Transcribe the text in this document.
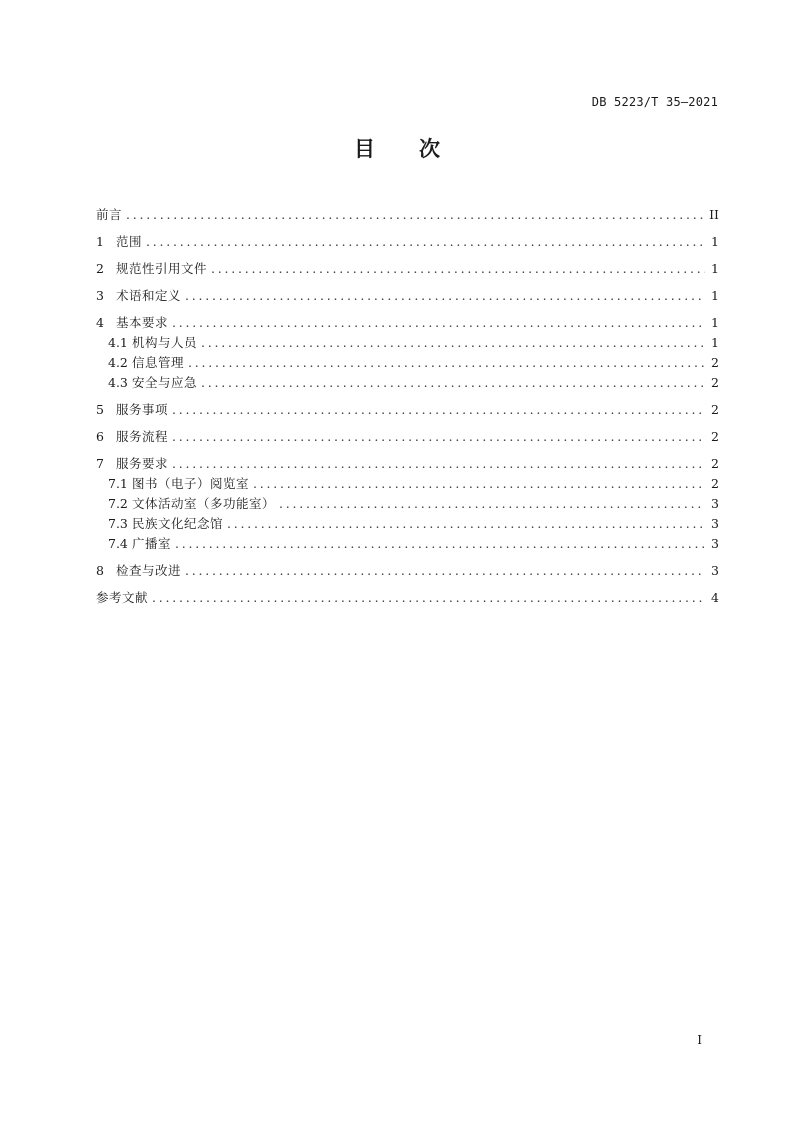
DB 5223/T 35—2021
目次
前言 . . .	II
1 范围 . . .	1
2 规范性引用文件 . . .	1
3 术语和定义 . . .	1
4 基本要求 . . .	1
4.1 机构与人员 . . .	1
4.2 信息管理 . . .	2
4.3 安全与应急 . . .	2
5 服务事项 . . .	2
6 服务流程 . . .	2
7 服务要求 . . .	2
7.1 图书（电子）阅览室 . . .	2
7.2 文体活动室（多功能室） . . .	3
7.3 民族文化纪念馆 . . .	3
7.4 广播室 . . .	3
8 检查与改进 . . .	3
参考文献 . . .	4
I
